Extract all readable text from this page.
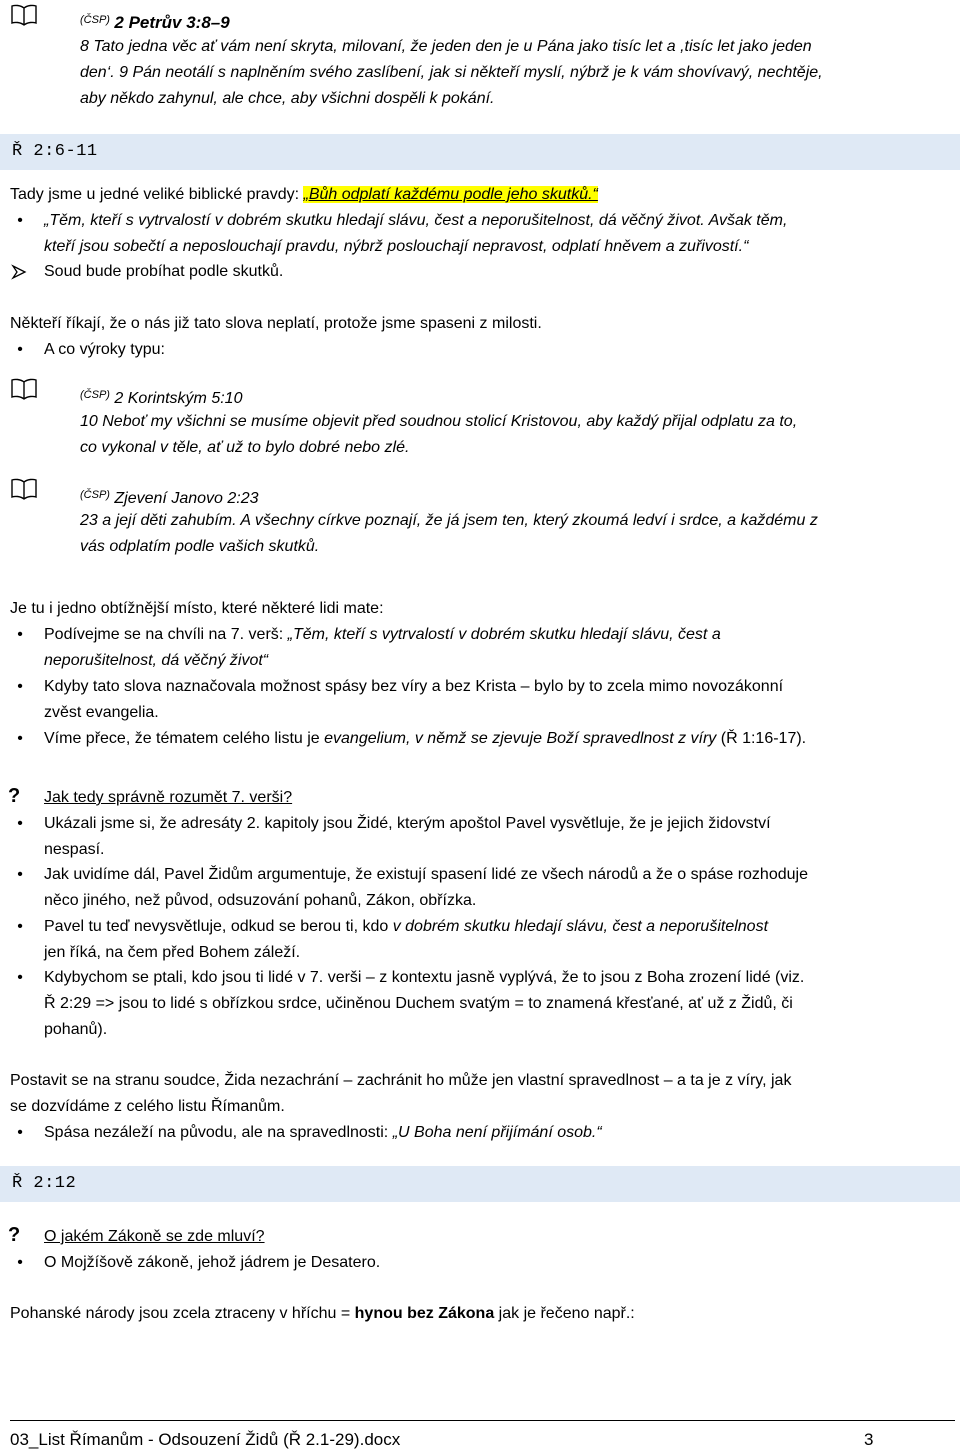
$^{(ČSP)}$ 2 Petrův 3:8–9
8 Tato jedna věc ať vám není skryta, milovaní, že jeden den je u Pána jako tisíc let a ,tisíc let jako jeden
den‘. 9 Pán neotálí s naplněním svého zaslíbení, jak si někteří myslí, nýbrž je k vám shovívavý, nechtěje,
aby někdo zahynul, ale chce, aby všichni dospěli k pokání.
Ř 2:6-11
Tady jsme u jedné veliké biblické pravdy: „Bůh odplatí každému podle jeho skutků.“
•	„Těm, kteří s vytrvalostí v dobrém skutku hledají slávu, čest a neporušitelnost, dá věčný život. Avšak těm,
kteří jsou sobečtí a neposlouchají pravdu, nýbrž poslouchají nepravost, odplatí hněvem a zuřivostí.“
Soud bude probíhat podle skutků.
Někteří říkají, že o nás již tato slova neplatí, protože jsme spaseni z milosti.
•	A co výroky typu:
$^{(ČSP)}$ 2 Korintským 5:10
10 Neboť my všichni se musíme objevit před soudnou stolicí Kristovou, aby každý přijal odplatu za to,
co vykonal v těle, ať už to bylo dobré nebo zlé.
$^{(ČSP)}$ Zjevení Janovo 2:23
23 a její děti zahubím. A všechny církve poznají, že já jsem ten, který zkoumá ledví i srdce, a každému z
vás odplatím podle vašich skutků.
Je tu i jedno obtížnější místo, které některé lidi mate:
•	Podívejme se na chvíli na 7. verš: „Těm, kteří s vytrvalostí v dobrém skutku hledají slávu, čest a
neporušitelnost, dá věčný život“
•	Kdyby tato slova naznačovala možnost spásy bez víry a bez Krista – bylo by to zcela mimo novozákonní
zvěst evangelia.
•	Víme přece, že tématem celého listu je evangelium, v němž se zjevuje Boží spravedlnost z víry (Ř 1:16-17).
? Jak tedy správně rozumět 7. verši?
•	Ukázali jsme si, že adresáty 2. kapitoly jsou Židé, kterým apoštol Pavel vysvětluje, že je jejich židovství
nespasí.
•	Jak uvidíme dál, Pavel Židům argumentuje, že existují spasení lidé ze všech národů a že o spáse rozhoduje
něco jiného, než původ, odsuzování pohanů, Zákon, obřízka.
•	Pavel tu teď nevysvětluje, odkud se berou ti, kdo v dobrém skutku hledají slávu, čest a neporušitelnost
jen říká, na čem před Bohem záleží.
•	Kdybychom se ptali, kdo jsou ti lidé v 7. verši – z kontextu jasně vyplývá, že to jsou z Boha zrození lidé (viz.
Ř 2:29 => jsou to lidé s obřízkou srdce, učiněnou Duchem svatým = to znamená křesťané, ať už z Židů, či
pohanů).
Postavit se na stranu soudce, Žida nezachrání – zachránit ho může jen vlastní spravedlnost – a ta je z víry, jak
se dozvídáme z celého listu Římanům.
•	Spása nezáleží na původu, ale na spravedlnosti: „U Boha není přijímání osob.“
Ř 2:12
? O jakém Zákoně se zde mluví?
•	O Mojžíšově zákoně, jehož jádrem je Desatero.
Pohanské národy jsou zcela ztraceny v hříchu = hynou bez Zákona jak je řečeno např.:
03_List Římanům - Odsouzení Židů (Ř 2.1-29).docx	3
